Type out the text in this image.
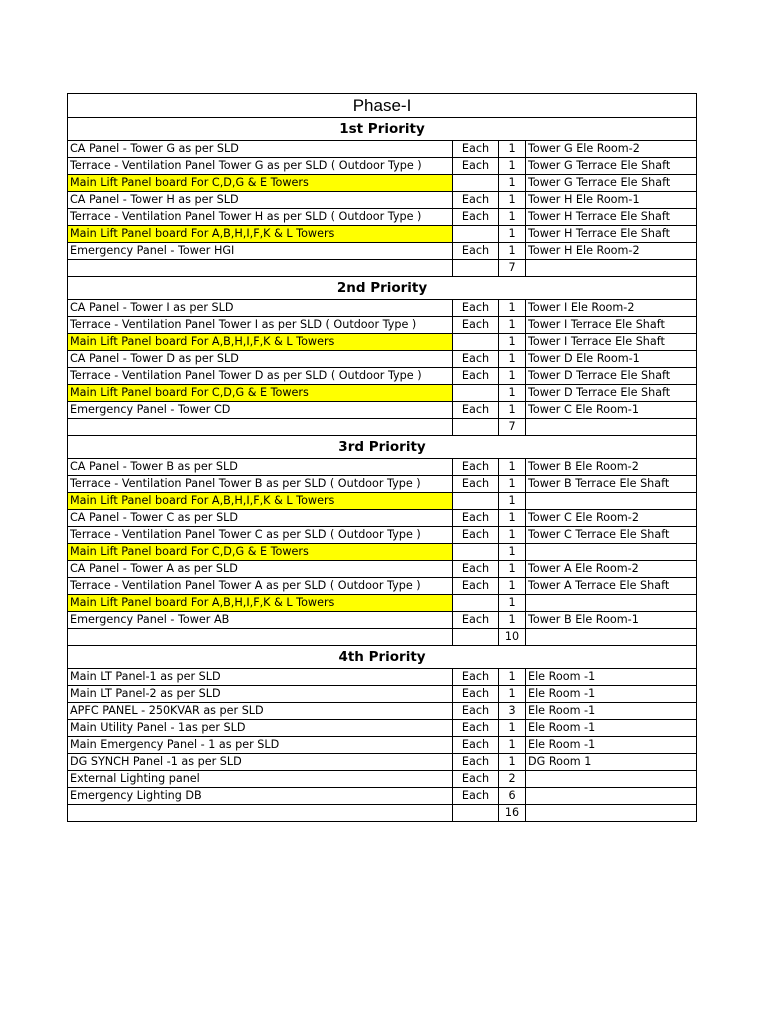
Phase-I			
1st Priority			
CA Panel - Tower G as per SLD	Each	1	Tower G Ele Room-2
Terrace - Ventilation Panel Tower G as per SLD ( Outdoor Type )	Each	1	Tower G Terrace Ele Shaft
Main Lift Panel board For C,D,G & E Towers		1	Tower G Terrace Ele Shaft
CA Panel - Tower H as per SLD	Each	1	Tower H Ele Room-1
Terrace - Ventilation Panel Tower H as per SLD ( Outdoor Type )	Each	1	Tower H Terrace Ele Shaft
Main Lift Panel board For A,B,H,I,F,K & L Towers		1	Tower H Terrace Ele Shaft
Emergency Panel - Tower HGI	Each	1	Tower H Ele Room-2
		7	
2nd Priority			
CA Panel - Tower I as per SLD	Each	1	Tower I Ele Room-2
Terrace - Ventilation Panel Tower I as per SLD ( Outdoor Type )	Each	1	Tower I Terrace Ele Shaft
Main Lift Panel board For A,B,H,I,F,K & L Towers		1	Tower I Terrace Ele Shaft
CA Panel - Tower D as per SLD	Each	1	Tower D Ele Room-1
Terrace - Ventilation Panel Tower D as per SLD ( Outdoor Type )	Each	1	Tower D Terrace Ele Shaft
Main Lift Panel board For C,D,G & E Towers		1	Tower D Terrace Ele Shaft
Emergency Panel - Tower CD	Each	1	Tower C Ele Room-1
		7	
3rd Priority			
CA Panel - Tower B as per SLD	Each	1	Tower B Ele Room-2
Terrace - Ventilation Panel Tower B as per SLD ( Outdoor Type )	Each	1	Tower B Terrace Ele Shaft
Main Lift Panel board For A,B,H,I,F,K & L Towers		1	
CA Panel - Tower C as per SLD	Each	1	Tower C Ele Room-2
Terrace - Ventilation Panel Tower C as per SLD ( Outdoor Type )	Each	1	Tower C Terrace Ele Shaft
Main Lift Panel board For C,D,G & E Towers		1	
CA Panel - Tower A as per SLD	Each	1	Tower A Ele Room-2
Terrace - Ventilation Panel Tower A as per SLD ( Outdoor Type )	Each	1	Tower A Terrace Ele Shaft
Main Lift Panel board For A,B,H,I,F,K & L Towers		1	
Emergency Panel - Tower AB	Each	1	Tower B Ele Room-1
		10	
4th Priority			
Main LT Panel-1 as per SLD	Each	1	Ele Room -1
Main LT Panel-2 as per SLD	Each	1	Ele Room -1
APFC PANEL - 250KVAR as per SLD	Each	3	Ele Room -1
Main Utility Panel - 1as per SLD	Each	1	Ele Room -1
Main Emergency Panel - 1 as per SLD	Each	1	Ele Room -1
DG SYNCH Panel -1 as per SLD	Each	1	DG Room 1
External Lighting panel	Each	2	
Emergency Lighting DB	Each	6	
		16	
